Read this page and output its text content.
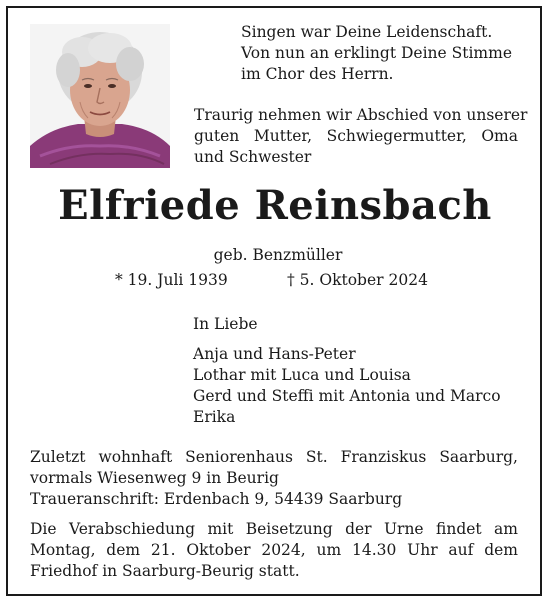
Singen war Deine Leidenschaft.
Von nun an erklingt Deine Stimme
im Chor des Herrn.
Traurig nehmen wir Abschied von unserer
guten Mutter, Schwiegermutter, Oma
und Schwester
Elfriede Reinsbach
geb. Benzmüller
* 19. Juli 1939	† 5. Oktober 2024
In Liebe
Anja und Hans-Peter
Lothar mit Luca und Louisa
Gerd und Steffi mit Antonia und Marco
Erika
Zuletzt wohnhaft Seniorenhaus St. Franziskus Saarburg,
vormals Wiesenweg 9 in Beurig
Traueranschrift: Erdenbach 9, 54439 Saarburg
Die Verabschiedung mit Beisetzung der Urne findet am
Montag, dem 21. Oktober 2024, um 14.30 Uhr auf dem
Friedhof in Saarburg-Beurig statt.
